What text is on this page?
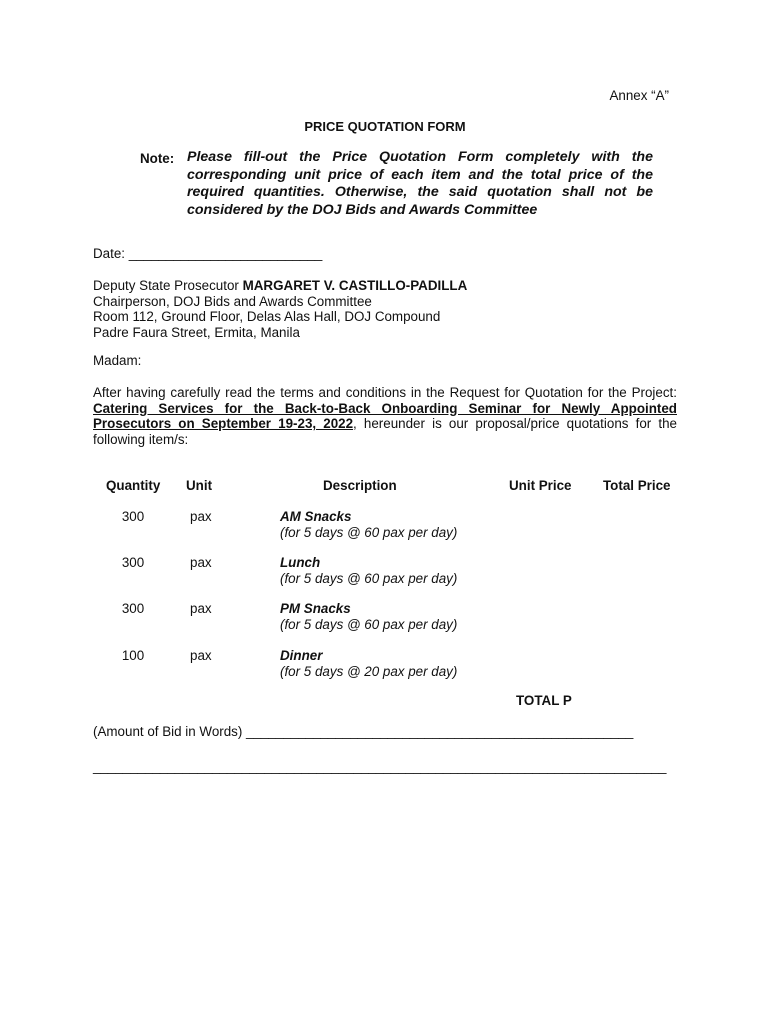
Annex “A”
PRICE QUOTATION FORM
Note: Please fill-out the Price Quotation Form completely with the corresponding unit price of each item and the total price of the required quantities. Otherwise, the said quotation shall not be considered by the DOJ Bids and Awards Committee
Date: __________________________
Deputy State Prosecutor MARGARET V. CASTILLO-PADILLA
Chairperson, DOJ Bids and Awards Committee
Room 112, Ground Floor, Delas Alas Hall, DOJ Compound
Padre Faura Street, Ermita, Manila
Madam:
After having carefully read the terms and conditions in the Request for Quotation for the Project: Catering Services for the Back-to-Back Onboarding Seminar for Newly Appointed Prosecutors on September 19-23, 2022, hereunder is our proposal/price quotations for the following item/s:
Quantity Unit	Description	Unit Price Total Price
300	pax	AM Snacks
(for 5 days @ 60 pax per day)
300	pax	Lunch
(for 5 days @ 60 pax per day)
300	pax	PM Snacks
(for 5 days @ 60 pax per day)
100	pax	Dinner
(for 5 days @ 20 pax per day)
TOTAL P
(Amount of Bid in Words) ____________________________________________________
_____________________________________________________________________________
